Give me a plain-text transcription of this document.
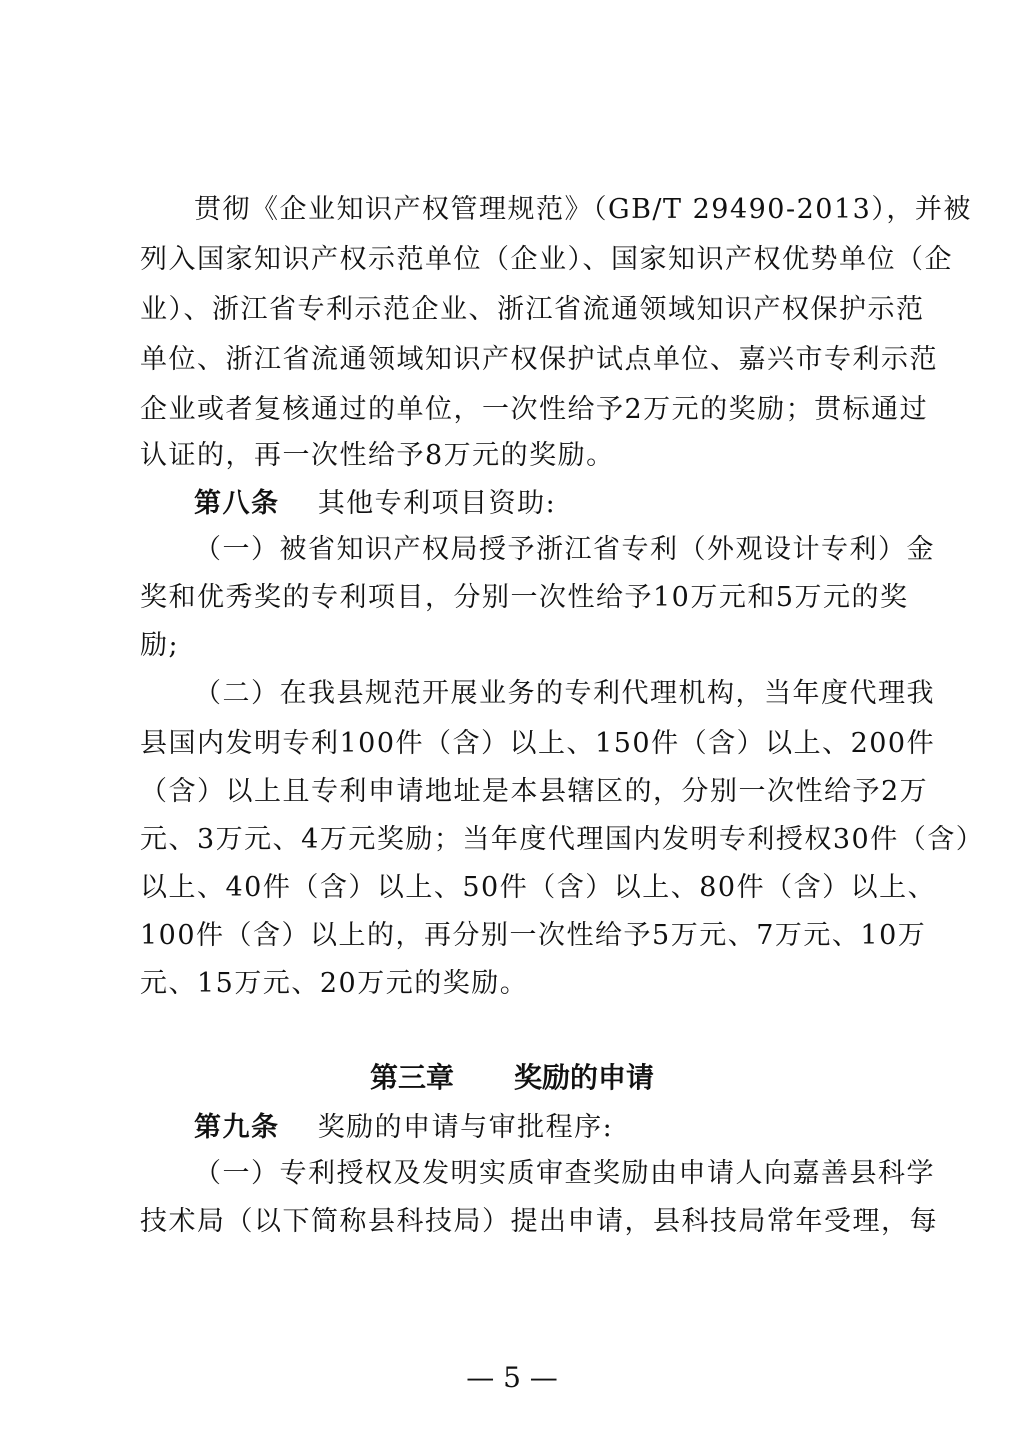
贯彻《企业知识产权管理规范》（GB/T 29490-2013），并被
列入国家知识产权示范单位（企业）、国家知识产权优势单位（企
业）、浙江省专利示范企业、浙江省流通领域知识产权保护示范
单位、浙江省流通领域知识产权保护试点单位、嘉兴市专利示范
企业或者复核通过的单位，一次性给予2万元的奖励；贯标通过
认证的，再一次性给予8万元的奖励。
第八条 其他专利项目资助:
（一）被省知识产权局授予浙江省专利（外观设计专利）金
奖和优秀奖的专利项目，分别一次性给予10万元和5万元的奖
励;
（二）在我县规范开展业务的专利代理机构，当年度代理我
县国内发明专利100件（含）以上、150件（含）以上、200件
（含）以上且专利申请地址是本县辖区的，分别一次性给予2万
元、3万元、4万元奖励；当年度代理国内发明专利授权30件（含）
以上、40件（含）以上、50件（含）以上、80件（含）以上、
100件（含）以上的，再分别一次性给予5万元、7万元、10万
元、15万元、20万元的奖励。
第三章 奖励的申请
第九条 奖励的申请与审批程序:
（一）专利授权及发明实质审查奖励由申请人向嘉善县科学
技术局（以下简称县科技局）提出申请，县科技局常年受理，每
— 5 —
